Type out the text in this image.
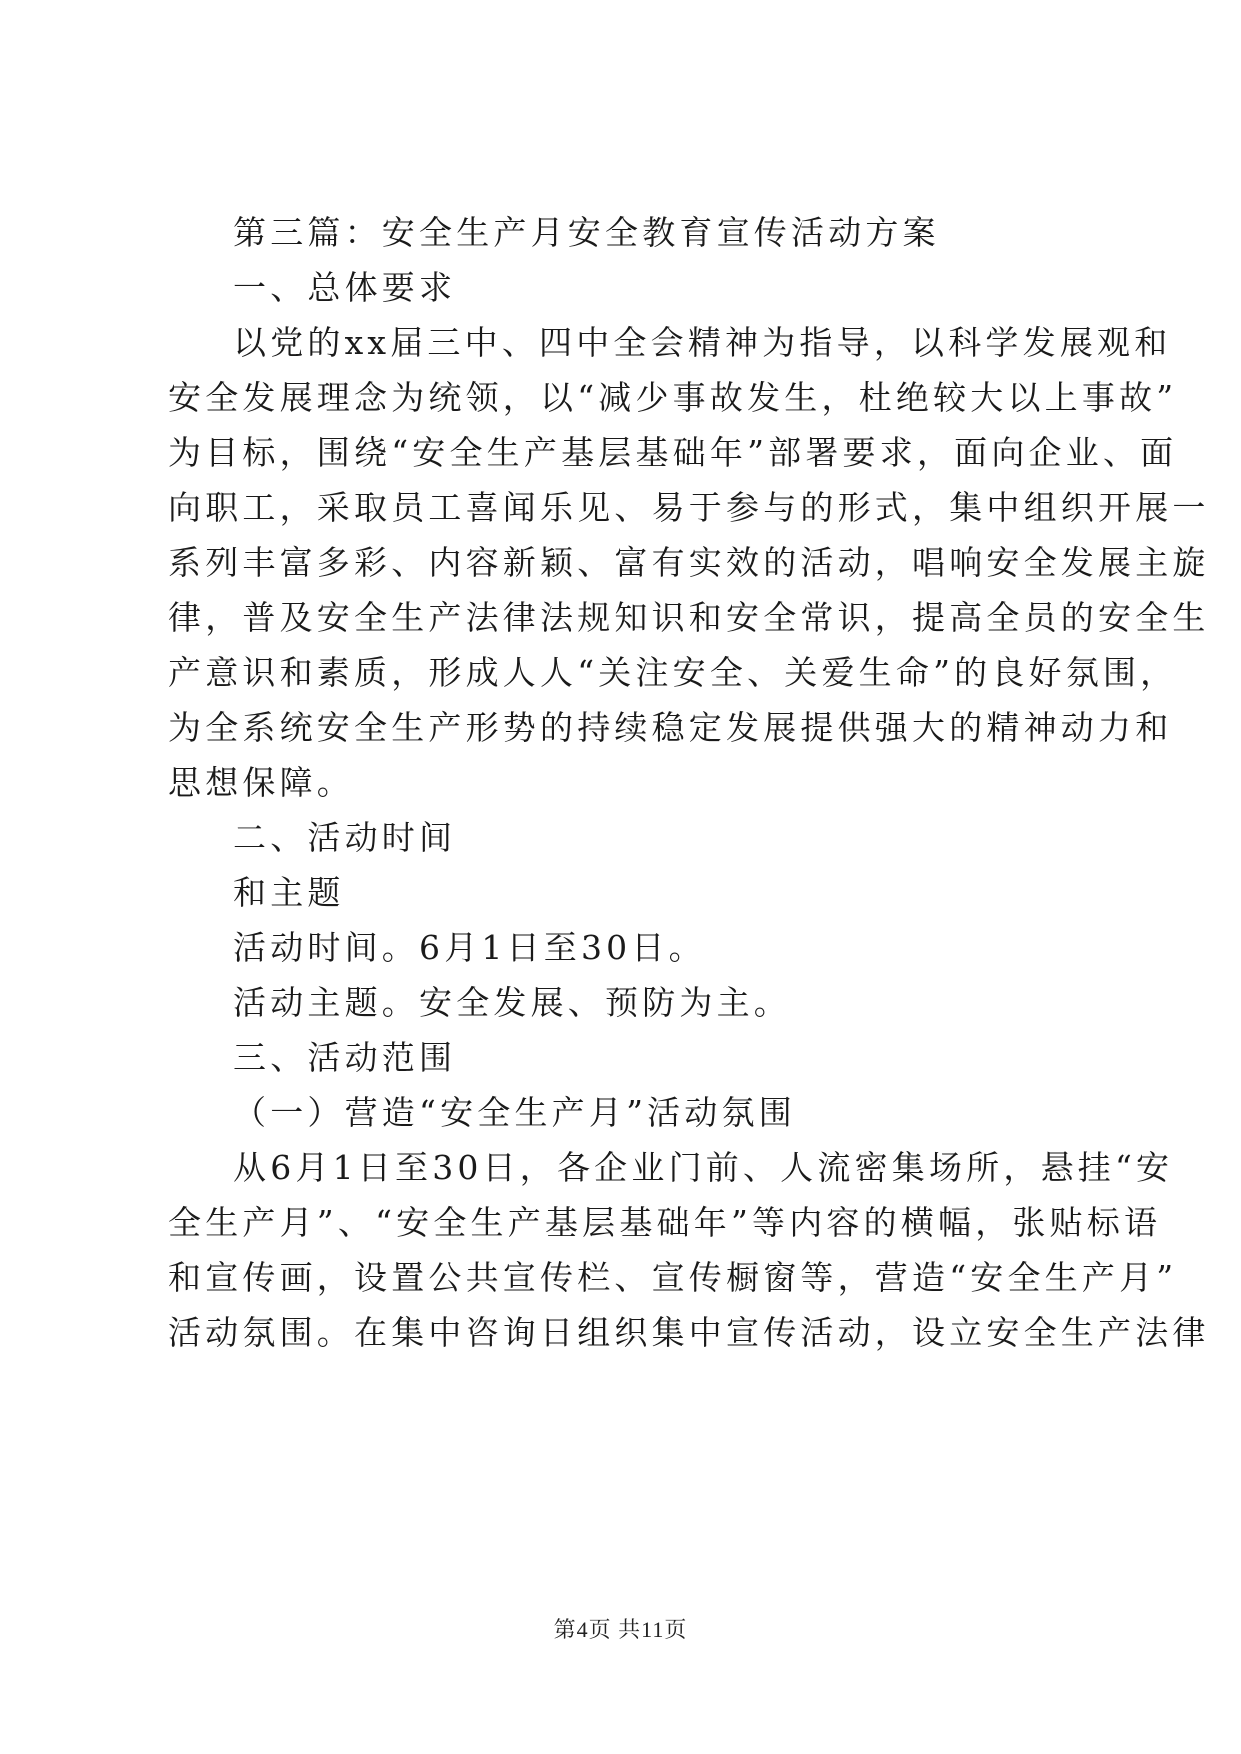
第三篇：安全生产月安全教育宣传活动方案
一、总体要求
以党的xx届三中、四中全会精神为指导，以科学发展观和
安全发展理念为统领，以“减少事故发生，杜绝较大以上事故”
为目标，围绕“安全生产基层基础年”部署要求，面向企业、面
向职工，采取员工喜闻乐见、易于参与的形式，集中组织开展一
系列丰富多彩、内容新颖、富有实效的活动，唱响安全发展主旋
律，普及安全生产法律法规知识和安全常识，提高全员的安全生
产意识和素质，形成人人“关注安全、关爱生命”的良好氛围，
为全系统安全生产形势的持续稳定发展提供强大的精神动力和
思想保障。
二、活动时间
和主题
活动时间。6月1日至30日。
活动主题。安全发展、预防为主。
三、活动范围
（一）营造“安全生产月”活动氛围
从6月1日至30日，各企业门前、人流密集场所，悬挂“安
全生产月”、“安全生产基层基础年”等内容的横幅，张贴标语
和宣传画，设置公共宣传栏、宣传橱窗等，营造“安全生产月”
活动氛围。在集中咨询日组织集中宣传活动，设立安全生产法律
第4页 共11页
